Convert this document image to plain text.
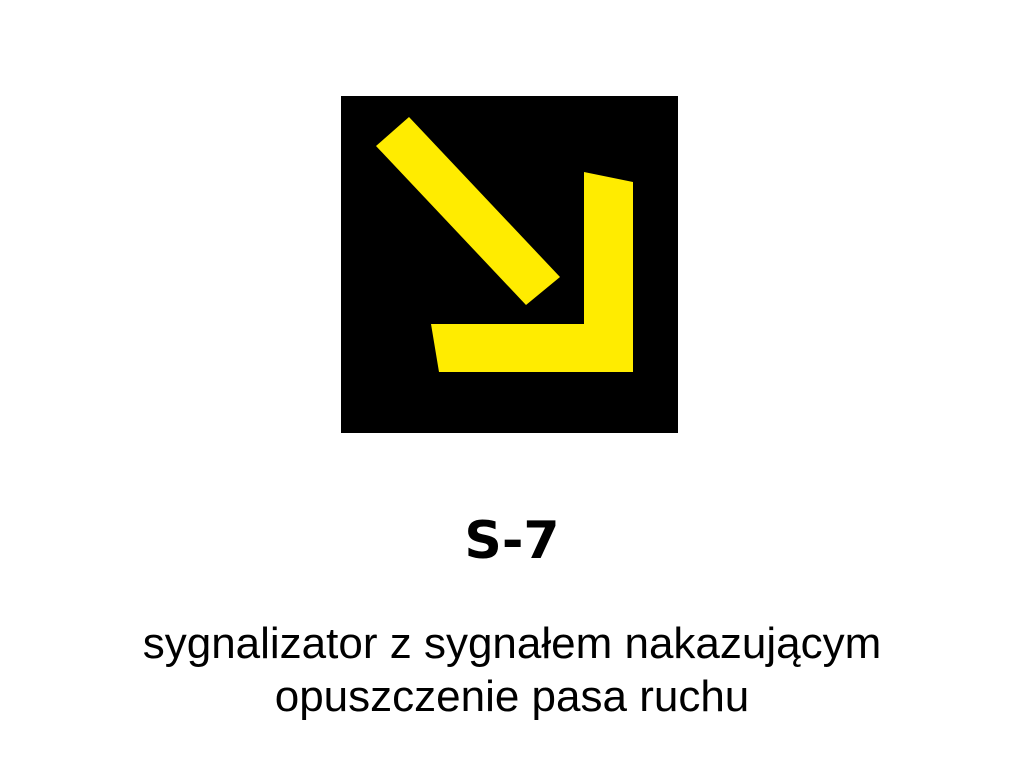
S-7
sygnalizator z sygnałem nakazującym
opuszczenie pasa ruchu
